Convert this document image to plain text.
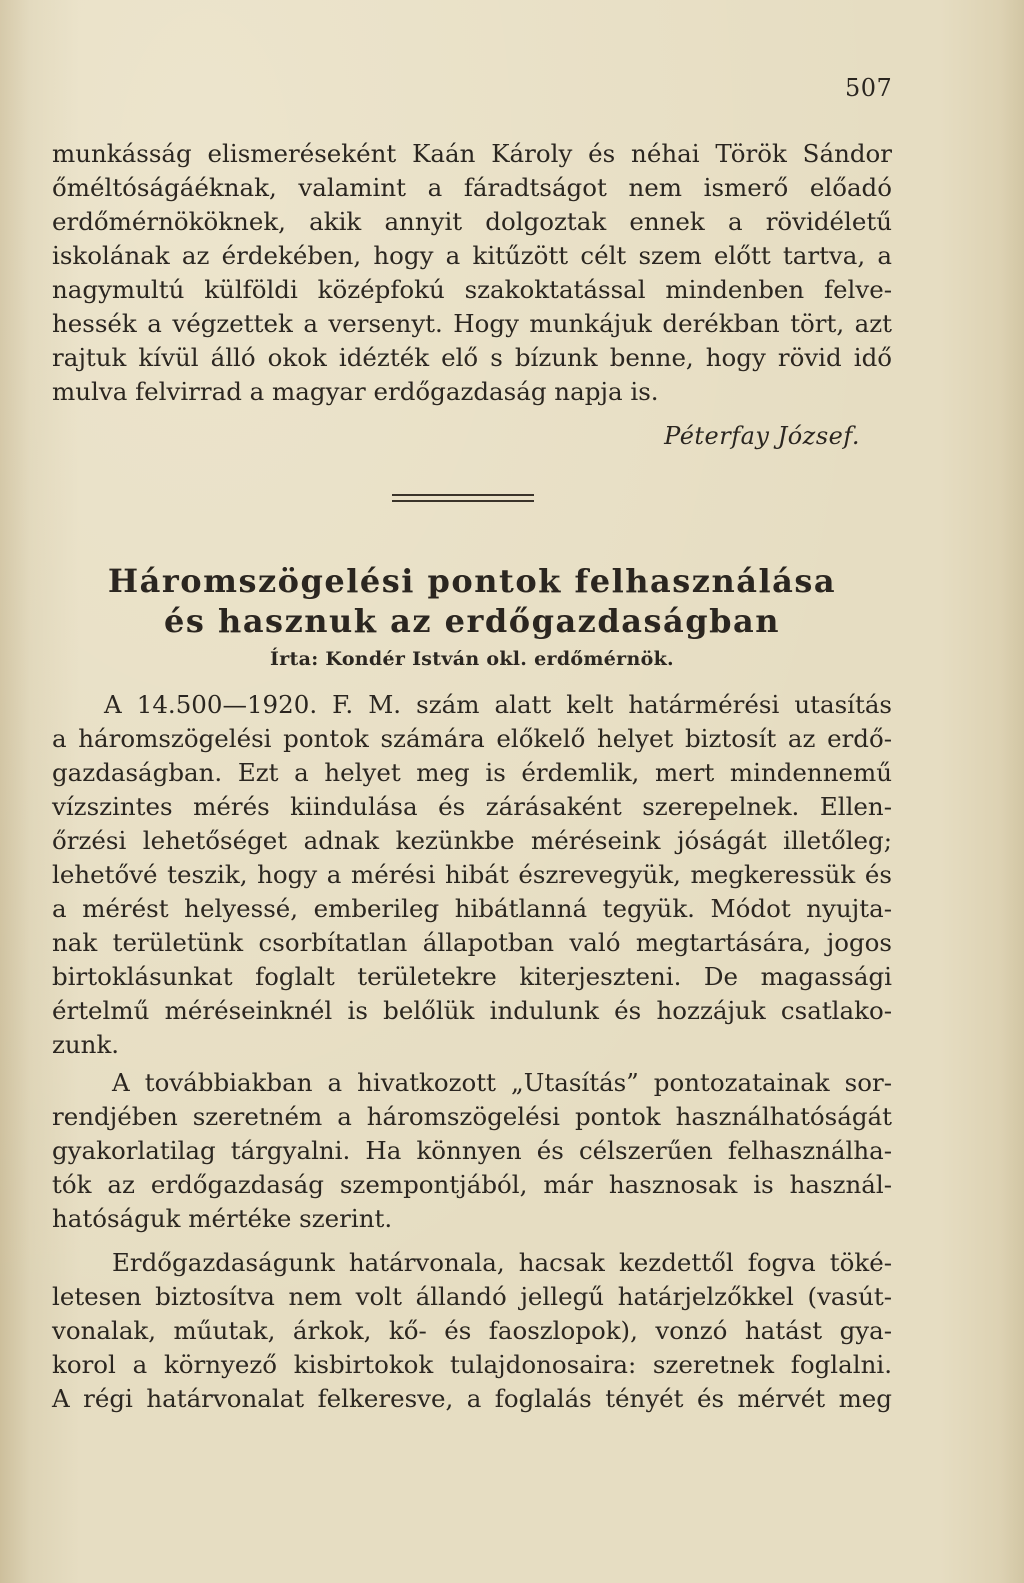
507
munkásság elismeréseként Kaán Károly és néhai Török Sándor
őméltóságáéknak, valamint a fáradtságot nem ismerő előadó
erdőmérnököknek, akik annyit dolgoztak ennek a rövidéletű
iskolának az érdekében, hogy a kitűzött célt szem előtt tartva, a
nagymultú külföldi középfokú szakoktatással mindenben felve-
hessék a végzettek a versenyt. Hogy munkájuk derékban tört, azt
rajtuk kívül álló okok idézték elő s bízunk benne, hogy rövid idő
mulva felvirrad a magyar erdőgazdaság napja is.
Péterfay József.
Háromszögelési pontok felhasználása
és hasznuk az erdőgazdaságban
Írta: Kondér István okl. erdőmérnök.
A 14.500—1920. F. M. szám alatt kelt határmérési utasítás
a háromszögelési pontok számára előkelő helyet biztosít az erdő-
gazdaságban. Ezt a helyet meg is érdemlik, mert mindennemű
vízszintes mérés kiindulása és zárásaként szerepelnek. Ellen-
őrzési lehetőséget adnak kezünkbe méréseink jóságát illetőleg;
lehetővé teszik, hogy a mérési hibát észrevegyük, megkeressük és
a mérést helyessé, emberileg hibátlanná tegyük. Módot nyujta-
nak területünk csorbítatlan állapotban való megtartására, jogos
birtoklásunkat foglalt területekre kiterjeszteni. De magassági
értelmű méréseinknél is belőlük indulunk és hozzájuk csatlako-
zunk.
A továbbiakban a hivatkozott „Utasítás” pontozatainak sor-
rendjében szeretném a háromszögelési pontok használhatóságát
gyakorlatilag tárgyalni. Ha könnyen és célszerűen felhasználha-
tók az erdőgazdaság szempontjából, már hasznosak is használ-
hatóságuk mértéke szerint.
Erdőgazdaságunk határvonala, hacsak kezdettől fogva töké-
letesen biztosítva nem volt állandó jellegű határjelzőkkel (vasút-
vonalak, műutak, árkok, kő- és faoszlopok), vonzó hatást gya-
korol a környező kisbirtokok tulajdonosaira: szeretnek foglalni.
A régi határvonalat felkeresve, a foglalás tényét és mérvét meg
